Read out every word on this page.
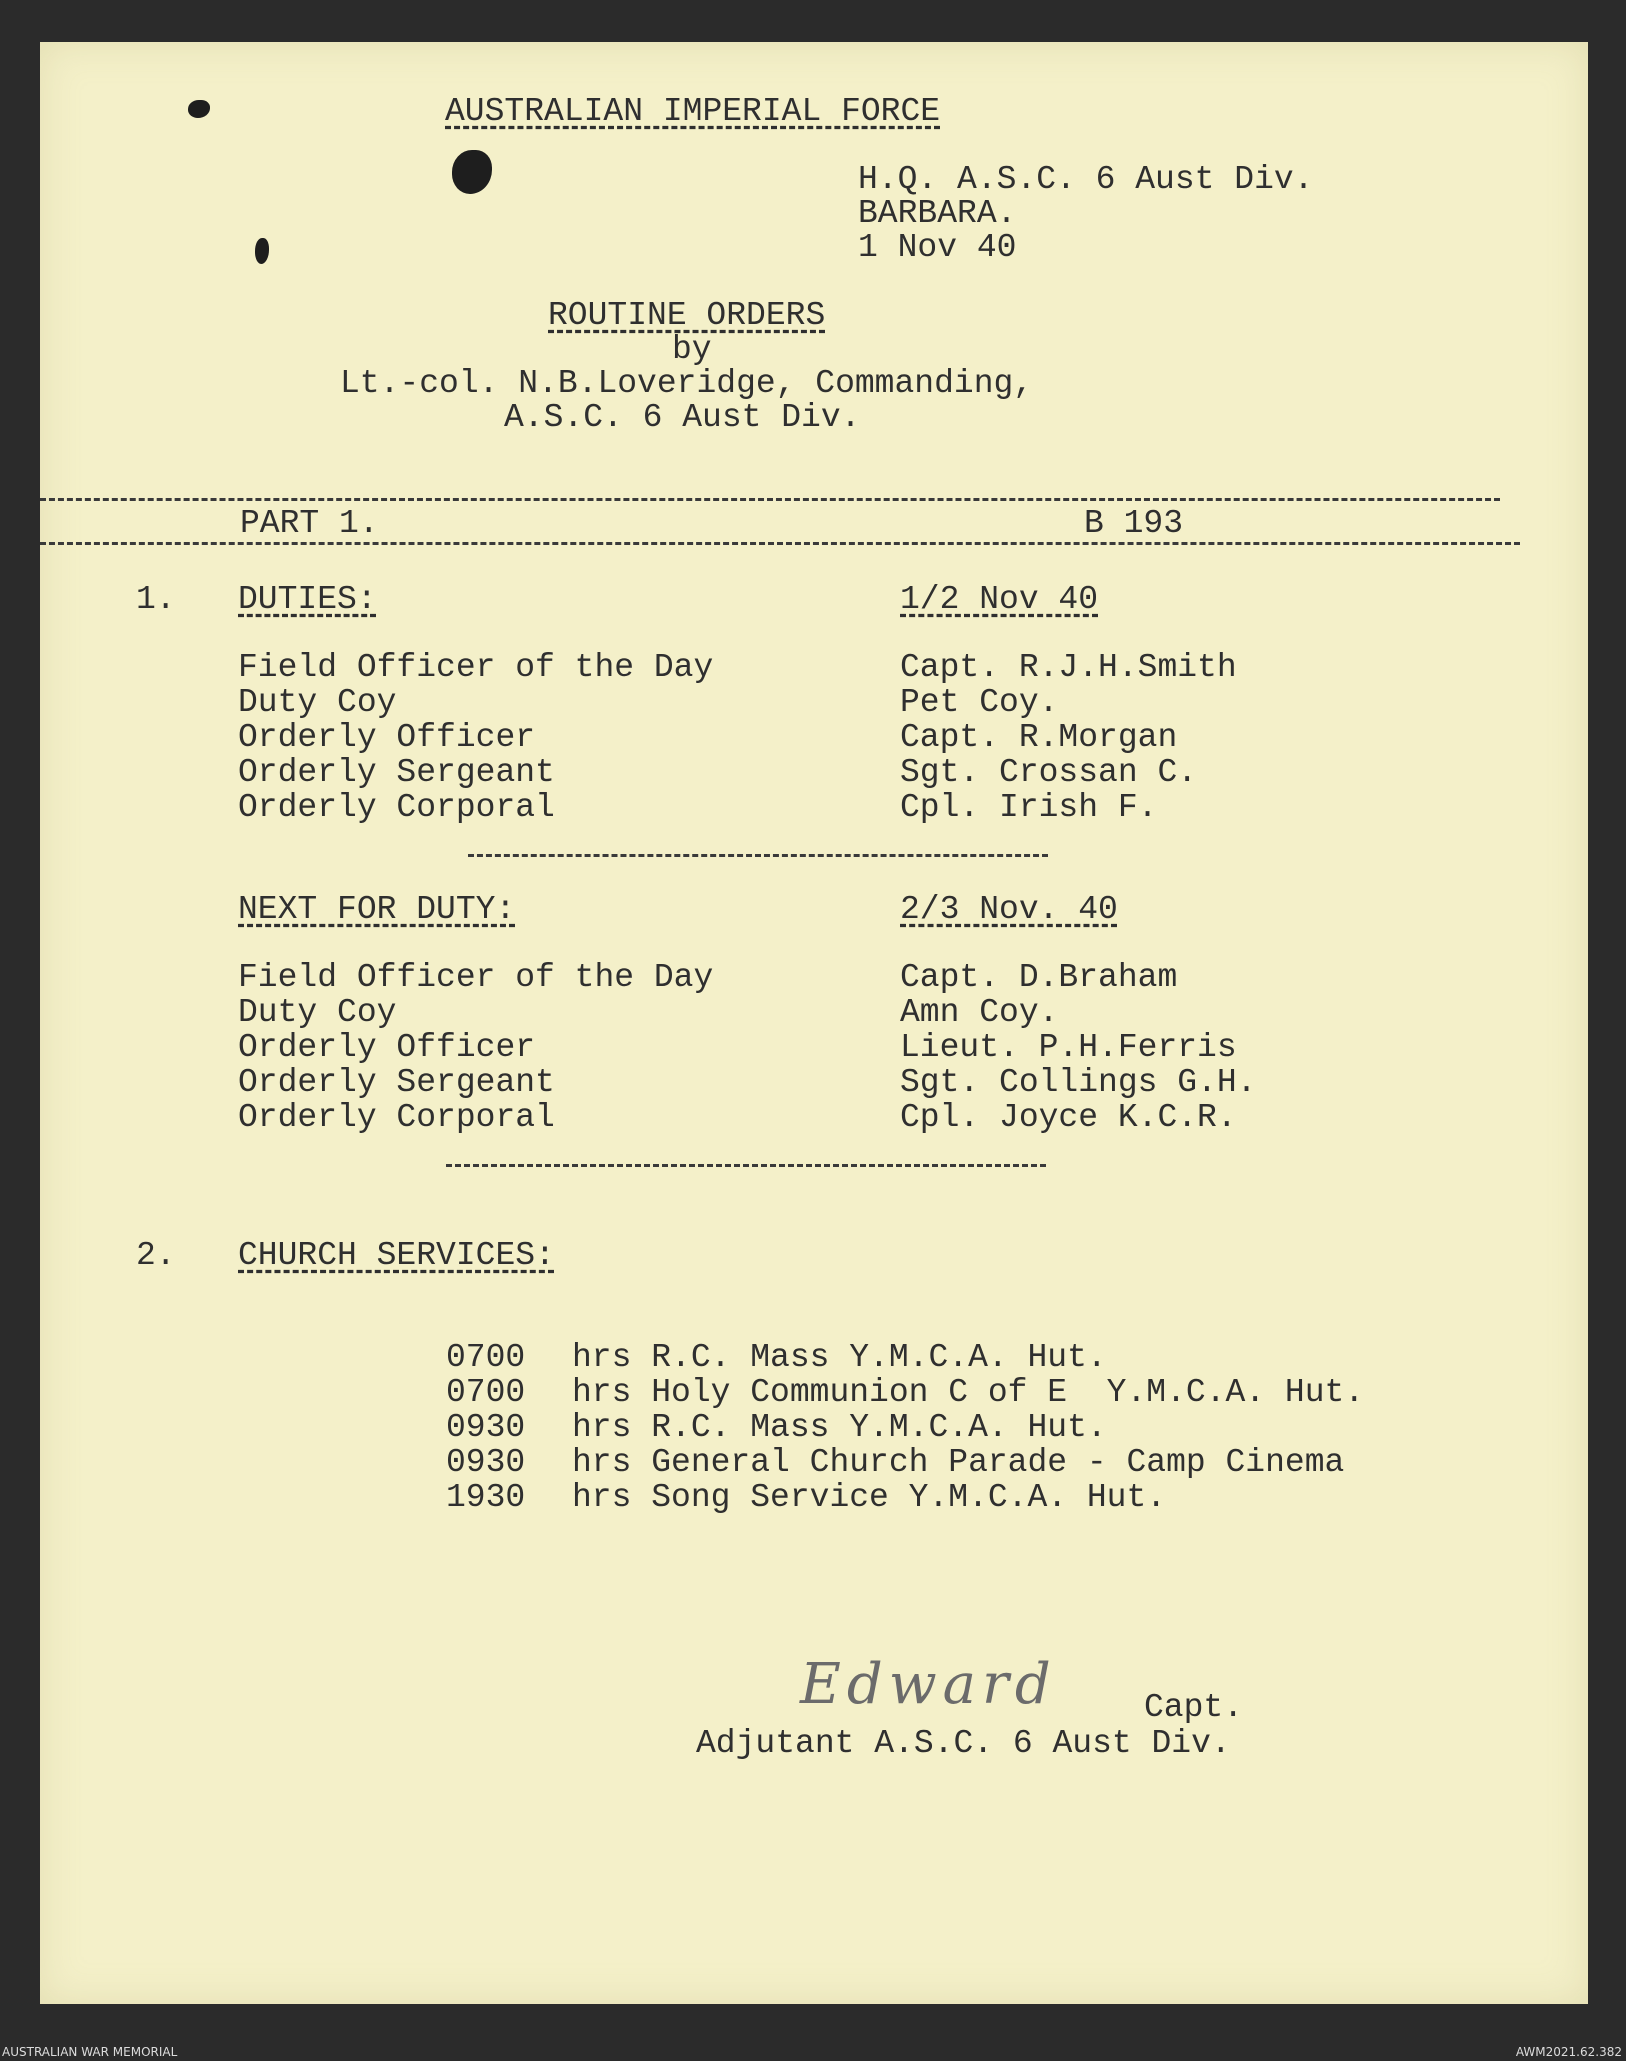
AUSTRALIAN IMPERIAL FORCE
H.Q. A.S.C. 6 Aust Div.
BARBARA.
1 Nov 40
ROUTINE ORDERS
by
Lt.-col. N.B.Loveridge, Commanding,
A.S.C. 6 Aust Div.
PART 1.	B 193
1. DUTIES:	1/2 Nov 40
Field Officer of the Day	Capt. R.J.H.Smith
Duty Coy	Pet Coy.
Orderly Officer	Capt. R.Morgan
Orderly Sergeant	Sgt. Crossan C.
Orderly Corporal	Cpl. Irish F.
NEXT FOR DUTY:	2/3 Nov. 40
Field Officer of the Day	Capt. D.Braham
Duty Coy	Amn Coy.
Orderly Officer	Lieut. P.H.Ferris
Orderly Sergeant	Sgt. Collings G.H.
Orderly Corporal	Cpl. Joyce K.C.R.
2. CHURCH SERVICES:
0700 hrs R.C. Mass Y.M.C.A. Hut.
0700 hrs Holy Communion C of E  Y.M.C.A. Hut.
0930 hrs R.C. Mass Y.M.C.A. Hut.
0930 hrs General Church Parade - Camp Cinema
1930 hrs Song Service Y.M.C.A. Hut.
Edward	Capt.
Adjutant A.S.C. 6 Aust Div.
AUSTRALIAN WAR MEMORIAL	AWM2021.62.382
